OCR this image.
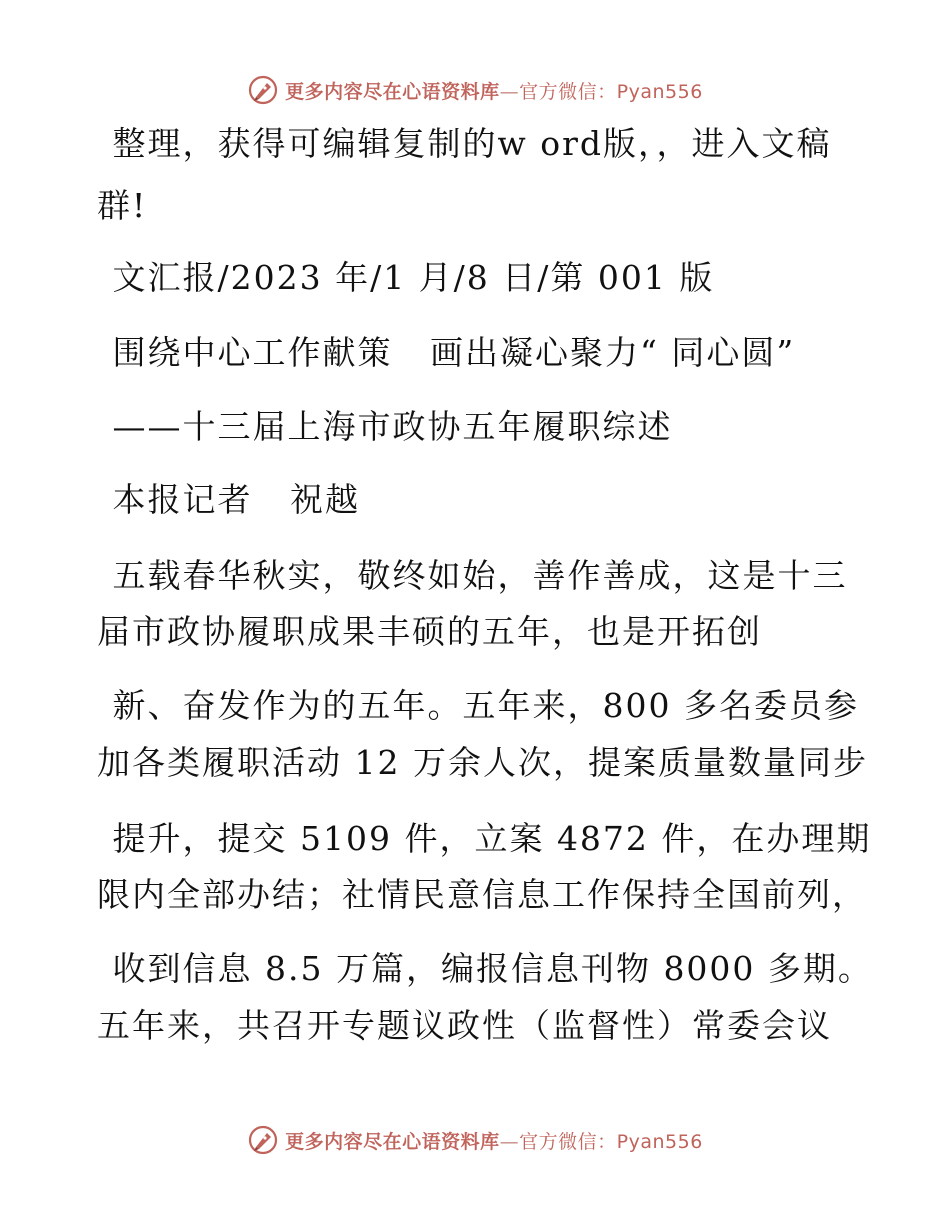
更多内容尽在心语资料库—官方微信：Pyan556
整理，获得可编辑复制的w ord版，，进入文稿
群!
文汇报/2023 年/1 月/8 日/第 001 版
围绕中心工作献策   画出凝心聚力“ 同心圆”
——十三届上海市政协五年履职综述
本报记者   祝越
五载春华秋实，敬终如始，善作善成，这是十三
届市政协履职成果丰硕的五年，也是开拓创
新、奋发作为的五年。五年来，800 多名委员参
加各类履职活动 12 万余人次，提案质量数量同步
提升，提交 5109 件，立案 4872 件，在办理期
限内全部办结；社情民意信息工作保持全国前列，
收到信息 8.5 万篇，编报信息刊物 8000 多期。
五年来，共召开专题议政性（监督性）常委会议
更多内容尽在心语资料库—官方微信：Pyan556
